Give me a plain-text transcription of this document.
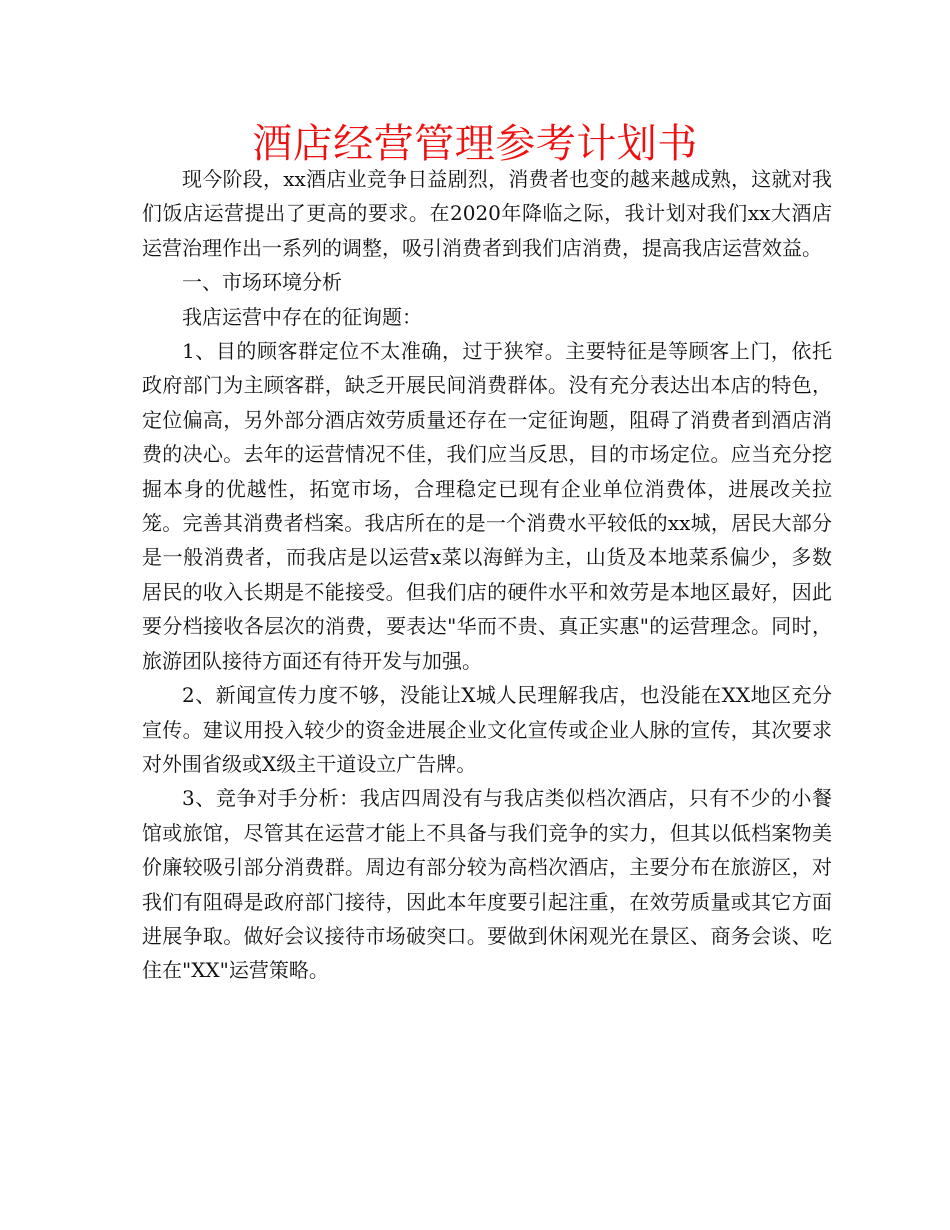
酒店经营管理参考计划书

现今阶段，xx酒店业竞争日益剧烈，消费者也变的越来越成熟，这就对我们饭店运营提出了更高的要求。在2020年降临之际，我计划对我们xx大酒店运营治理作出一系列的调整，吸引消费者到我们店消费，提高我店运营效益。

一、市场环境分析

我店运营中存在的征询题：

1、目的顾客群定位不太准确，过于狭窄。主要特征是等顾客上门，依托政府部门为主顾客群，缺乏开展民间消费群体。没有充分表达出本店的特色，定位偏高，另外部分酒店效劳质量还存在一定征询题，阻碍了消费者到酒店消费的决心。去年的运营情况不佳，我们应当反思，目的市场定位。应当充分挖掘本身的优越性，拓宽市场，合理稳定已现有企业单位消费体，进展改关拉笼。完善其消费者档案。我店所在的是一个消费水平较低的xx城，居民大部分是一般消费者，而我店是以运营x菜以海鲜为主，山货及本地菜系偏少，多数居民的收入长期是不能接受。但我们店的硬件水平和效劳是本地区最好，因此要分档接收各层次的消费，要表达"华而不贵、真正实惠"的运营理念。同时，旅游团队接待方面还有待开发与加强。

2、新闻宣传力度不够，没能让X城人民理解我店，也没能在XX地区充分宣传。建议用投入较少的资金进展企业文化宣传或企业人脉的宣传，其次要求对外围省级或X级主干道设立广告牌。

3、竞争对手分析：我店四周没有与我店类似档次酒店，只有不少的小餐馆或旅馆，尽管其在运营才能上不具备与我们竞争的实力，但其以低档案物美价廉较吸引部分消费群。周边有部分较为高档次酒店，主要分布在旅游区，对我们有阻碍是政府部门接待，因此本年度要引起注重，在效劳质量或其它方面进展争取。做好会议接待市场破突口。要做到休闲观光在景区、商务会谈、吃住在"XX"运营策略。
